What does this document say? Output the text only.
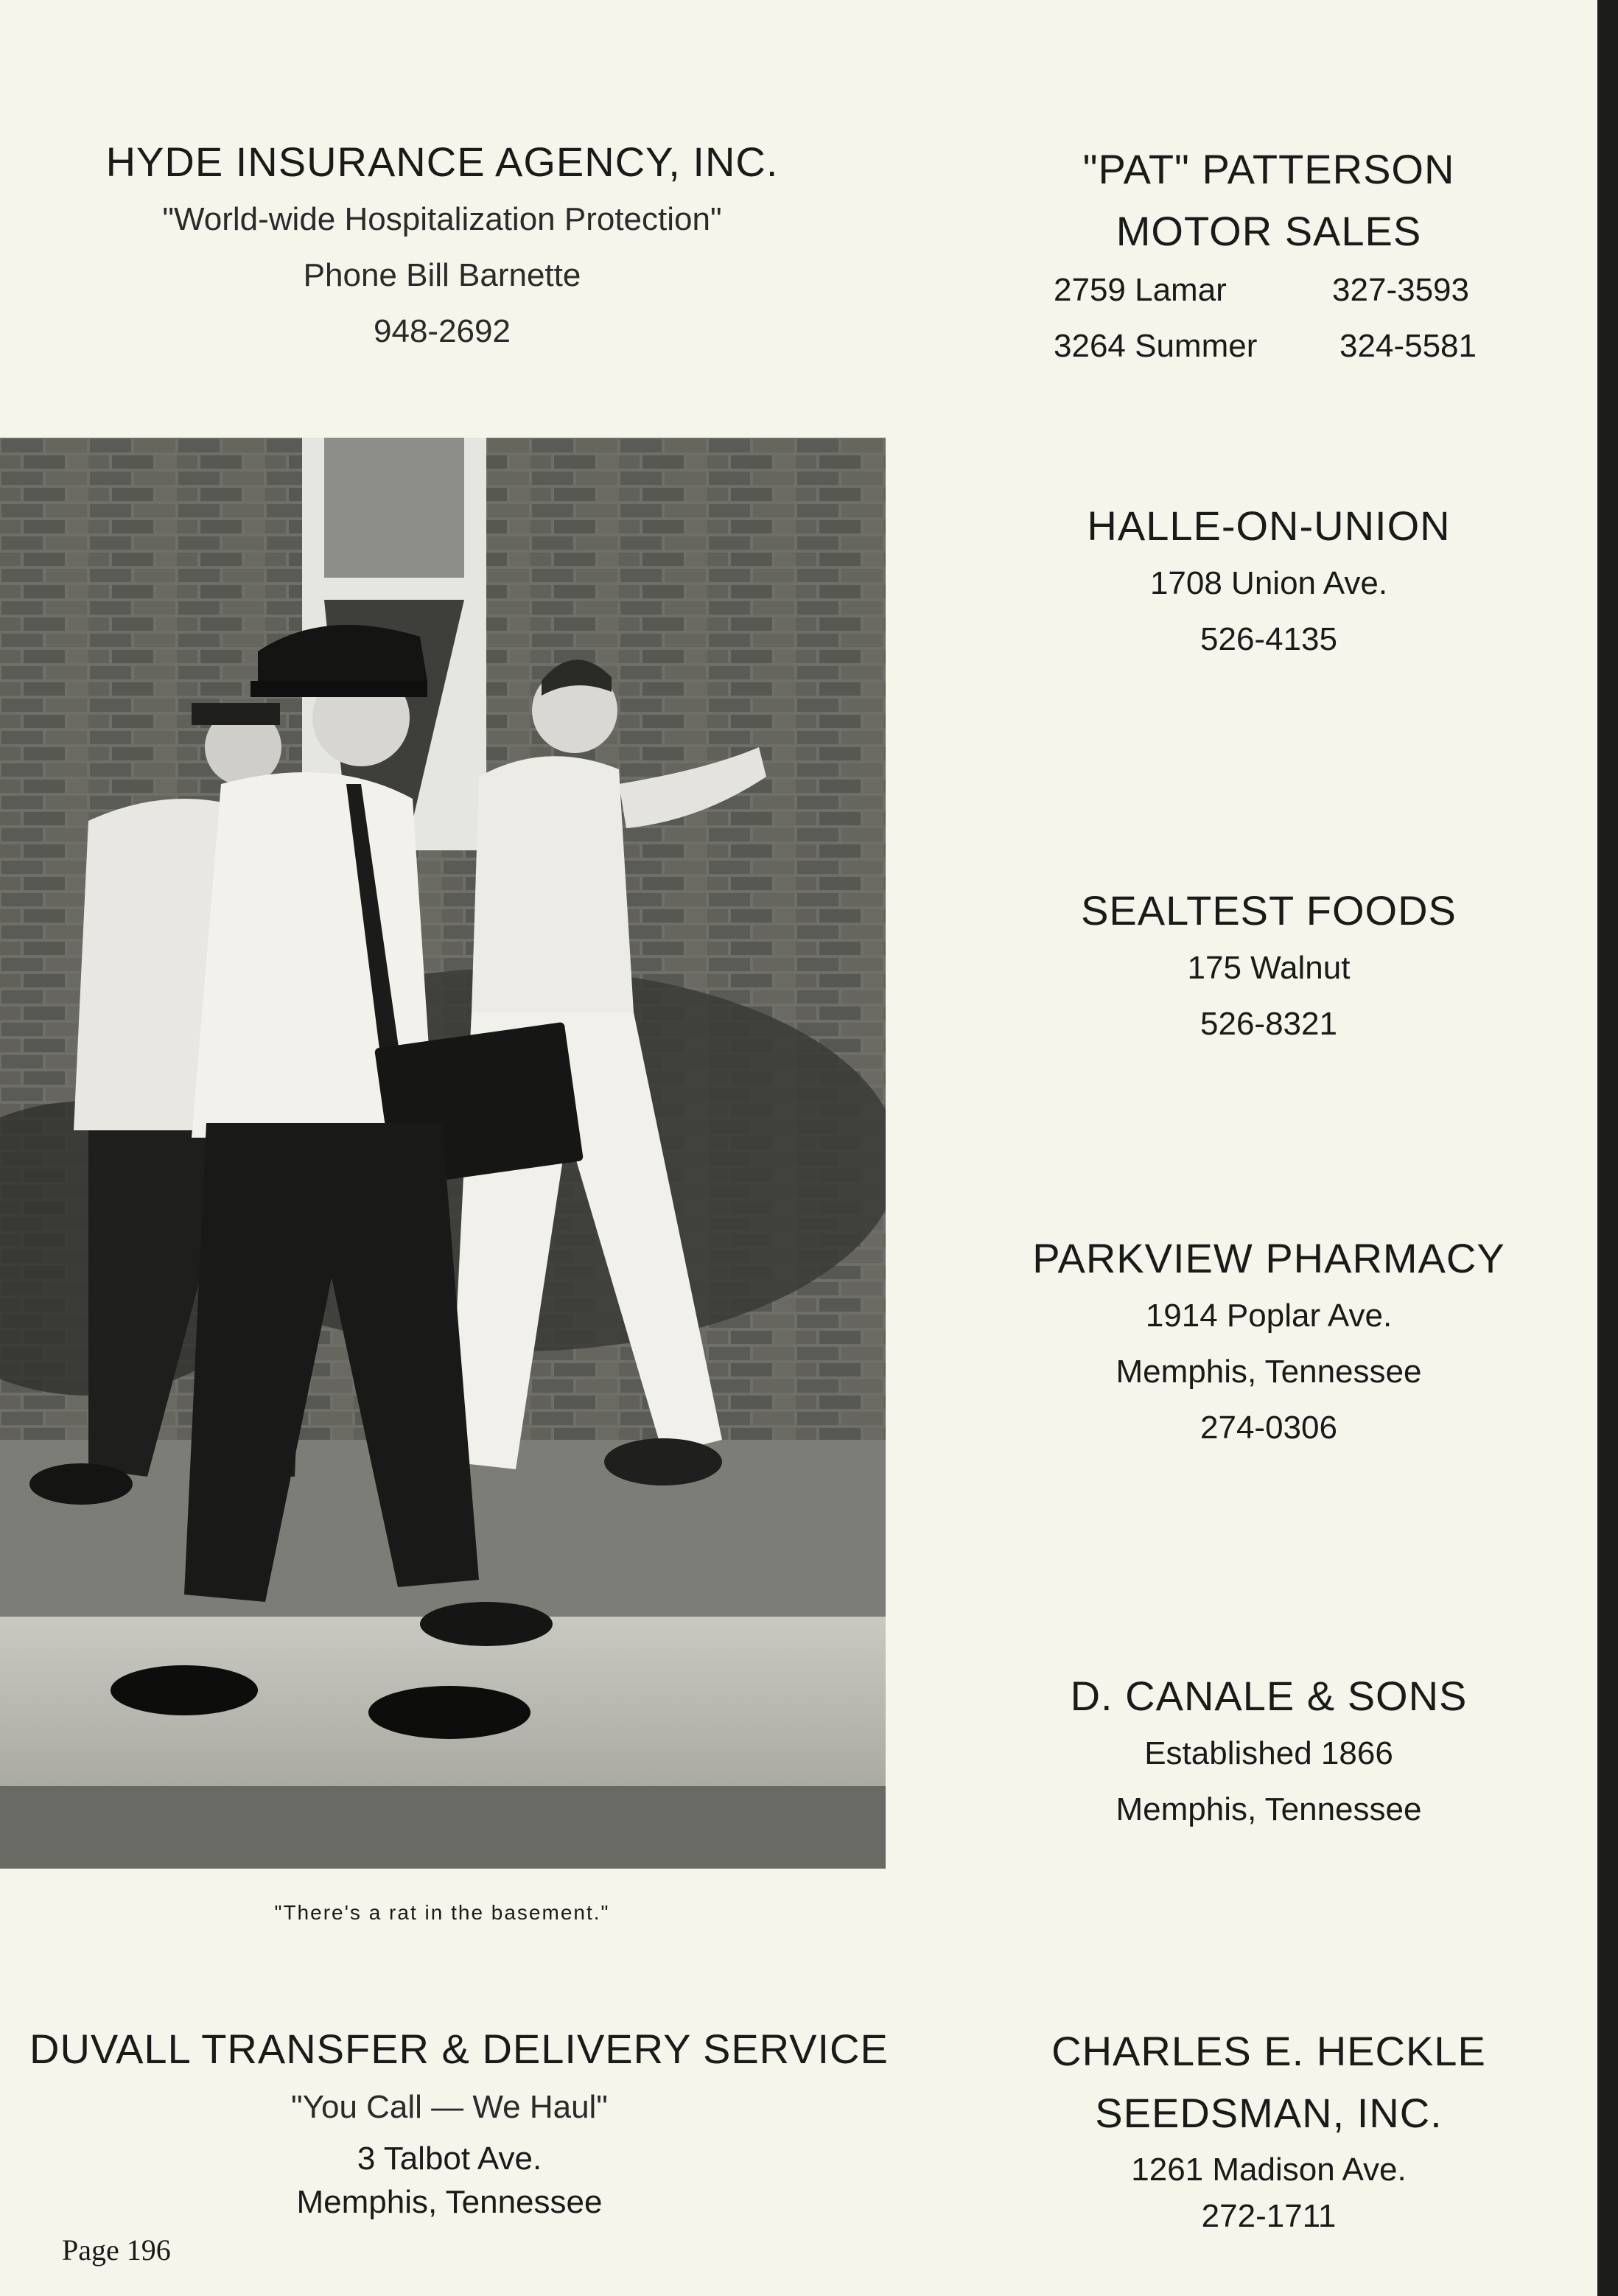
HYDE INSURANCE AGENCY, INC.
"World-wide Hospitalization Protection"
Phone Bill Barnette
948-2692
"PAT" PATTERSON
MOTOR SALES
2759 Lamar	327-3593
3264 Summer	324-5581
HALLE-ON-UNION
1708 Union Ave.
526-4135
SEALTEST FOODS
175 Walnut
526-8321
PARKVIEW PHARMACY
1914 Poplar Ave.
Memphis, Tennessee
274-0306
D. CANALE & SONS
Established 1866
Memphis, Tennessee
"There's a rat in the basement."
DUVALL TRANSFER & DELIVERY SERVICE
"You Call — We Haul"
3 Talbot Ave.
Memphis, Tennessee
CHARLES E. HECKLE
SEEDSMAN, INC.
1261 Madison Ave.
272-1711
Page 196
